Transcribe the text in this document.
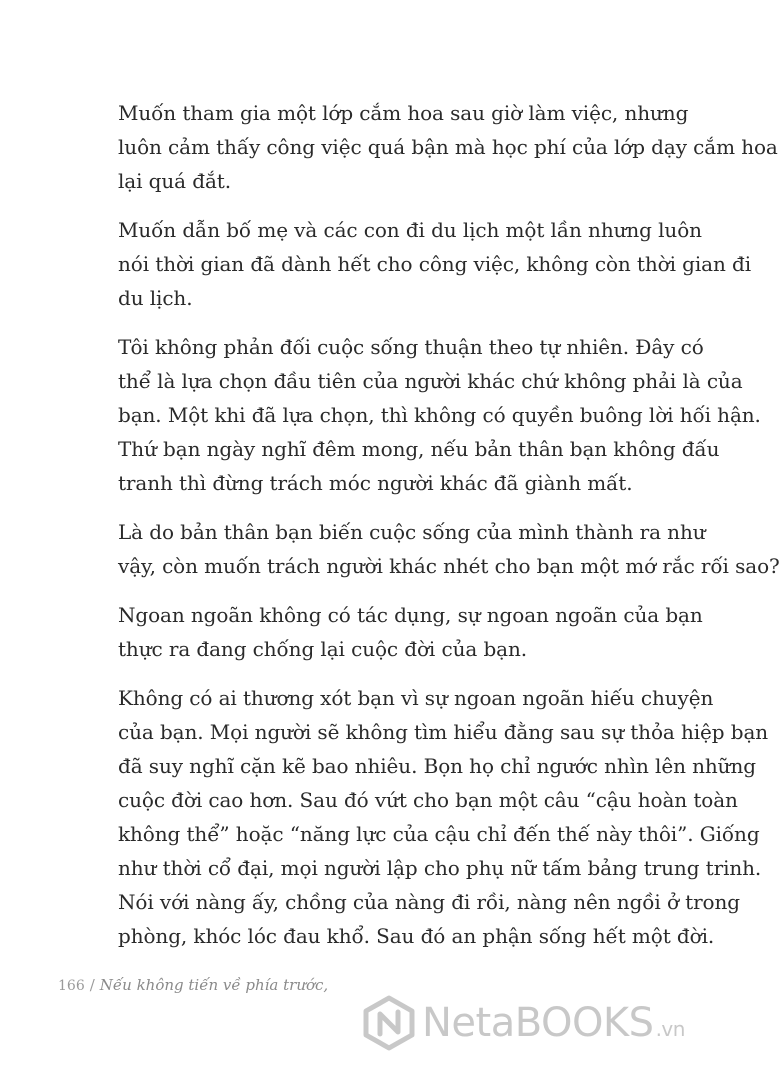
Muốn tham gia một lớp cắm hoa sau giờ làm việc, nhưng
luôn cảm thấy công việc quá bận mà học phí của lớp dạy cắm hoa
lại quá đắt.

Muốn dẫn bố mẹ và các con đi du lịch một lần nhưng luôn
nói thời gian đã dành hết cho công việc, không còn thời gian đi
du lịch.

Tôi không phản đối cuộc sống thuận theo tự nhiên. Đây có
thể là lựa chọn đầu tiên của người khác chứ không phải là của
bạn. Một khi đã lựa chọn, thì không có quyền buông lời hối hận.
Thứ bạn ngày nghĩ đêm mong, nếu bản thân bạn không đấu
tranh thì đừng trách móc người khác đã giành mất.

Là do bản thân bạn biến cuộc sống của mình thành ra như
vậy, còn muốn trách người khác nhét cho bạn một mớ rắc rối sao?

Ngoan ngoãn không có tác dụng, sự ngoan ngoãn của bạn
thực ra đang chống lại cuộc đời của bạn.

Không có ai thương xót bạn vì sự ngoan ngoãn hiếu chuyện
của bạn. Mọi người sẽ không tìm hiểu đằng sau sự thỏa hiệp bạn
đã suy nghĩ cặn kẽ bao nhiêu. Bọn họ chỉ ngước nhìn lên những
cuộc đời cao hơn. Sau đó vứt cho bạn một câu “cậu hoàn toàn
không thể” hoặc “năng lực của cậu chỉ đến thế này thôi”. Giống
như thời cổ đại, mọi người lập cho phụ nữ tấm bảng trung trinh.
Nói với nàng ấy, chồng của nàng đi rồi, nàng nên ngồi ở trong
phòng, khóc lóc đau khổ. Sau đó an phận sống hết một đời.

166 / Nếu không tiến về phía trước,
NetaBOOKS .vn
